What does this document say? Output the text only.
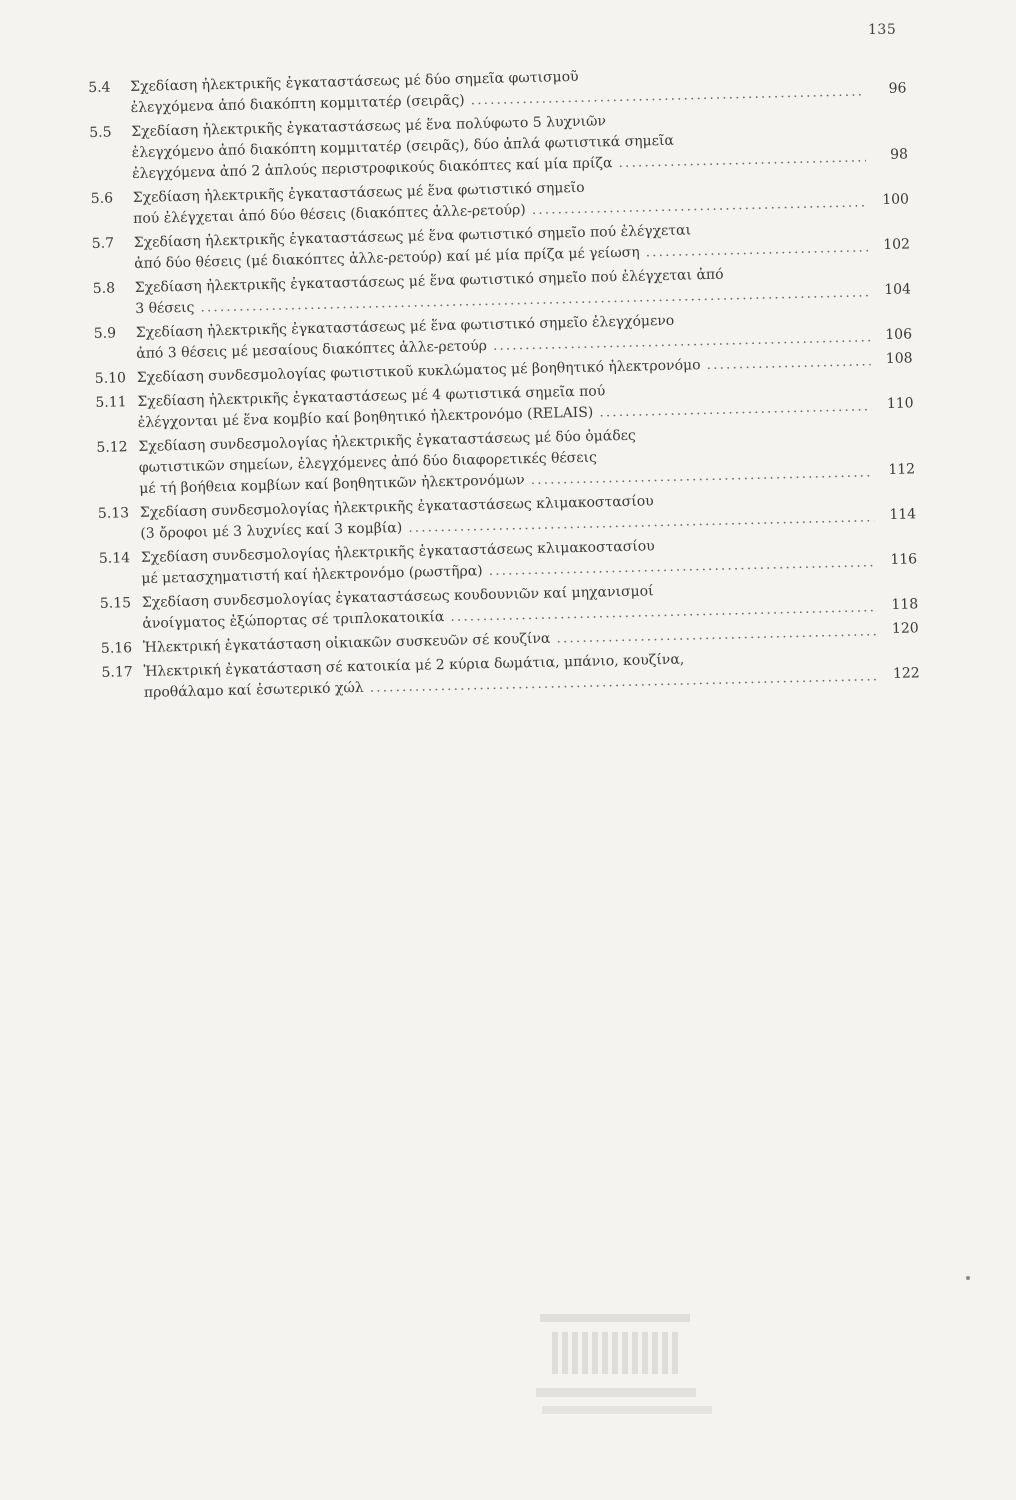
135
5.4 Σχεδίαση ἠλεκτρικῆς ἐγκαταστάσεως μέ δύο σημεῖα φωτισμοῦ
ἐλεγχόμενα ἀπό διακόπτη κομμιτατέρ (σειρᾶς)
.....
96
5.5 Σχεδίαση ἠλεκτρικῆς ἐγκαταστάσεως μέ ἕνα πολύφωτο 5 λυχνιῶν
ἐλεγχόμενο ἀπό διακόπτη κομμιτατέρ (σειρᾶς), δύο ἁπλά φωτιστικά σημεῖα
ἐλεγχόμενα ἀπό 2 ἁπλούς περιστροφικούς διακόπτες καί μία πρίζα
.....
98
5.6 Σχεδίαση ἠλεκτρικῆς ἐγκαταστάσεως μέ ἕνα φωτιστικό σημεῖο
πού ἐλέγχεται ἀπό δύο θέσεις (διακόπτες ἀλλε-ρετούρ)
.....
100
5.7 Σχεδίαση ἠλεκτρικῆς ἐγκαταστάσεως μέ ἕνα φωτιστικό σημεῖο πού ἐλέγχεται
ἀπό δύο θέσεις (μέ διακόπτες ἀλλε-ρετούρ) καί μέ μία πρίζα μέ γείωση .....	102
5.8 Σχεδίαση ἠλεκτρικῆς ἐγκαταστάσεως μέ ἕνα φωτιστικό σημεῖο πού ἐλέγχεται ἀπό
3 θέσεις
.....
104
5.9 Σχεδίαση ἠλεκτρικῆς ἐγκαταστάσεως μέ ἕνα φωτιστικό σημεῖο ἐλεγχόμενο
ἀπό 3 θέσεις μέ μεσαίους διακόπτες ἀλλε-ρετούρ
.....
106
5.10 Σχεδίαση συνδεσμολογίας φωτιστικοῦ κυκλώματος μέ βοηθητικό ἠλεκτρονόμο .....	108
5.11 Σχεδίαση ἠλεκτρικῆς ἐγκαταστάσεως μέ 4 φωτιστικά σημεῖα πού
ἐλέγχονται μέ ἕνα κομβίο καί βοηθητικό ἠλεκτρονόμο (RELAIS)
.....
110
5.12 Σχεδίαση συνδεσμολογίας ἠλεκτρικῆς ἐγκαταστάσεως μέ δύο ὁμάδες
φωτιστικῶν σημείων, ἐλεγχόμενες ἀπό δύο διαφορετικές θέσεις
μέ τή βοήθεια κομβίων καί βοηθητικῶν ἠλεκτρονόμων
.....
112
5.13 Σχεδίαση συνδεσμολογίας ἠλεκτρικῆς ἐγκαταστάσεως κλιμακοστασίου
(3 ὄροφοι μέ 3 λυχνίες καί 3 κομβία)
.....
114
5.14 Σχεδίαση συνδεσμολογίας ἠλεκτρικῆς ἐγκαταστάσεως κλιμακοστασίου
μέ μετασχηματιστή καί ἠλεκτρονόμο (ρωστῆρα)
.....
116
5.15 Σχεδίαση συνδεσμολογίας ἐγκαταστάσεως κουδουνιῶν καί μηχανισμοί
ἀνοίγματος ἐξώπορτας σέ τριπλοκατοικία
.....
118
5.16 Ἠλεκτρική ἐγκατάσταση οἰκιακῶν συσκευῶν σέ κουζίνα
.....
120
5.17 Ἠλεκτρική ἐγκατάσταση σέ κατοικία μέ 2 κύρια δωμάτια, μπάνιο, κουζίνα,
προθάλαμο καί ἐσωτερικό χώλ
.....
122
